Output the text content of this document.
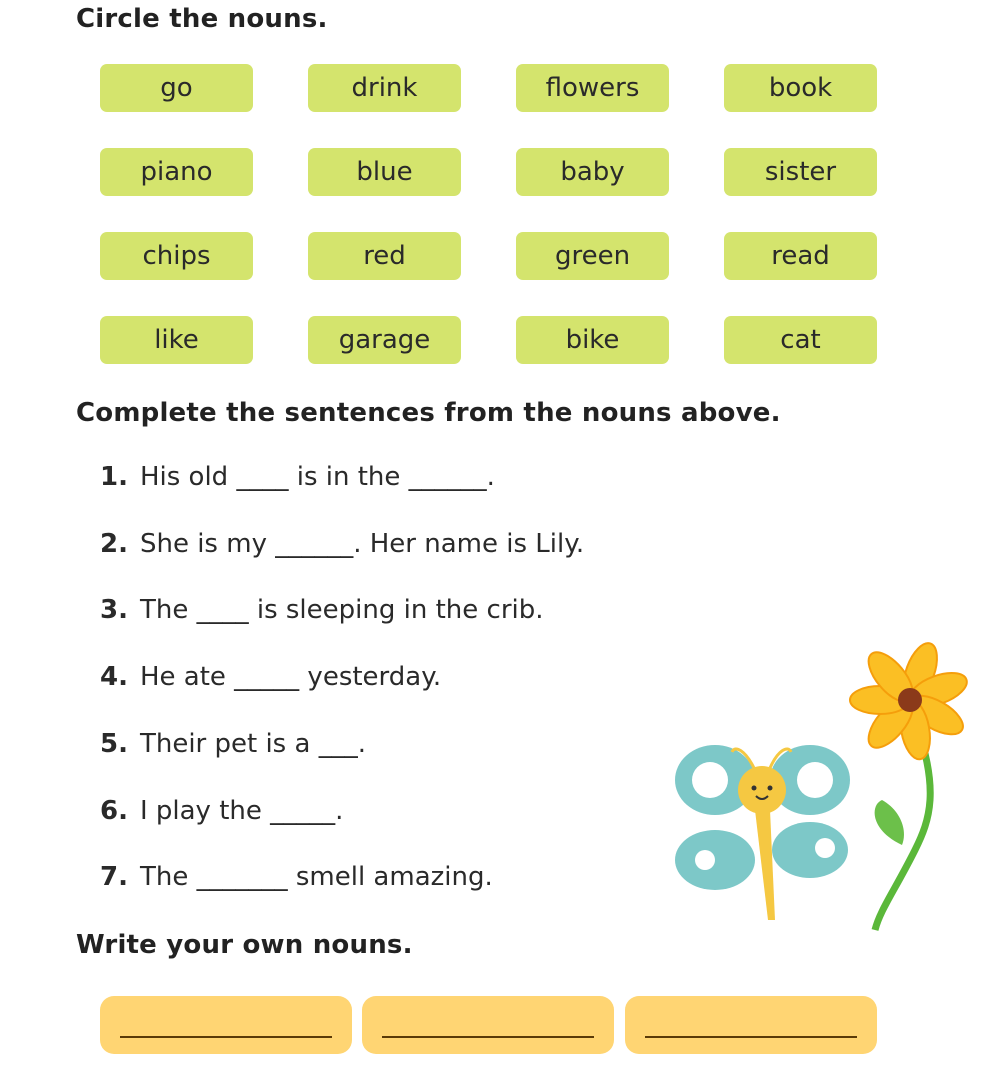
Circle the nouns.
go	drink	flowers	book
piano	blue	baby	sister
chips	red	green	read
like	garage	bike	cat
Complete the sentences from the nouns above.
1. His old ____ is in the ______.
2. She is my ______. Her name is Lily.
3. The ____ is sleeping in the crib.
4. He ate _____ yesterday.
5. Their pet is a ___.
6. I play the _____.
7. The _______ smell amazing.
Write your own nouns.
